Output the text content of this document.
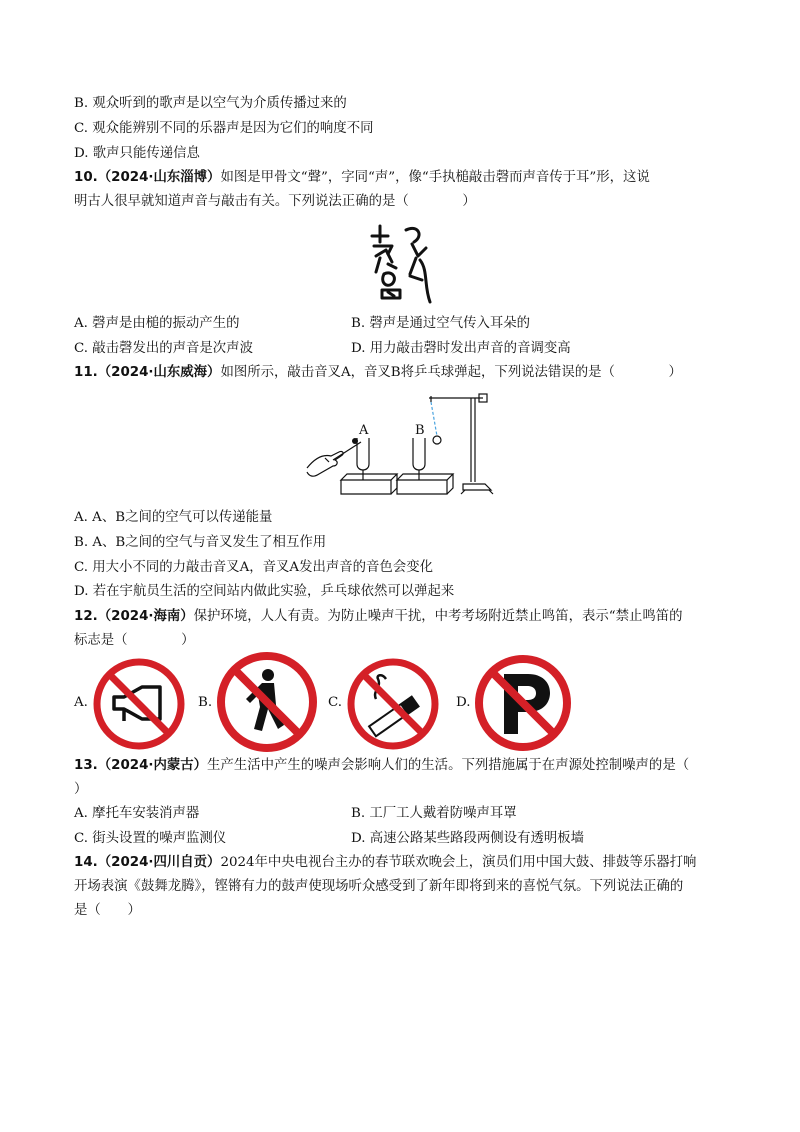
B. 观众听到的歌声是以空气为介质传播过来的
C. 观众能辨别不同的乐器声是因为它们的响度不同
D. 歌声只能传递信息
10.（2024·山东淄博）如图是甲骨文“聲”，字同“声”，像“手执槌敲击磬而声音传于耳”形，这说
明古人很早就知道声音与敲击有关。下列说法正确的是（　　　　）
A. 磬声是由槌的振动产生的	B. 磬声是通过空气传入耳朵的
C. 敲击磬发出的声音是次声波	D. 用力敲击磬时发出声音的音调变高
11.（2024·山东威海）如图所示，敲击音叉A，音叉B将乒乓球弹起，下列说法错误的是（　　　　）
A	B
A. A、B之间的空气可以传递能量
B. A、B之间的空气与音叉发生了相互作用
C. 用大小不同的力敲击音叉A，音叉A发出声音的音色会变化
D. 若在宇航员生活的空间站内做此实验，乒乓球依然可以弹起来
12.（2024·海南）保护环境，人人有责。为防止噪声干扰，中考考场附近禁止鸣笛，表示“禁止鸣笛的
标志是（　　　　）
A.	B.	C.	D.
13.（2024·内蒙古）生产生活中产生的噪声会影响人们的生活。下列措施属于在声源处控制噪声的是（
）
A. 摩托车安装消声器	B. 工厂工人戴着防噪声耳罩
C. 街头设置的噪声监测仪	D. 高速公路某些路段两侧设有透明板墙
14.（2024·四川自贡）2024年中央电视台主办的春节联欢晚会上，演员们用中国大鼓、排鼓等乐器打响
开场表演《鼓舞龙腾》，铿锵有力的鼓声使现场听众感受到了新年即将到来的喜悦气氛。下列说法正确的
是（　　）
